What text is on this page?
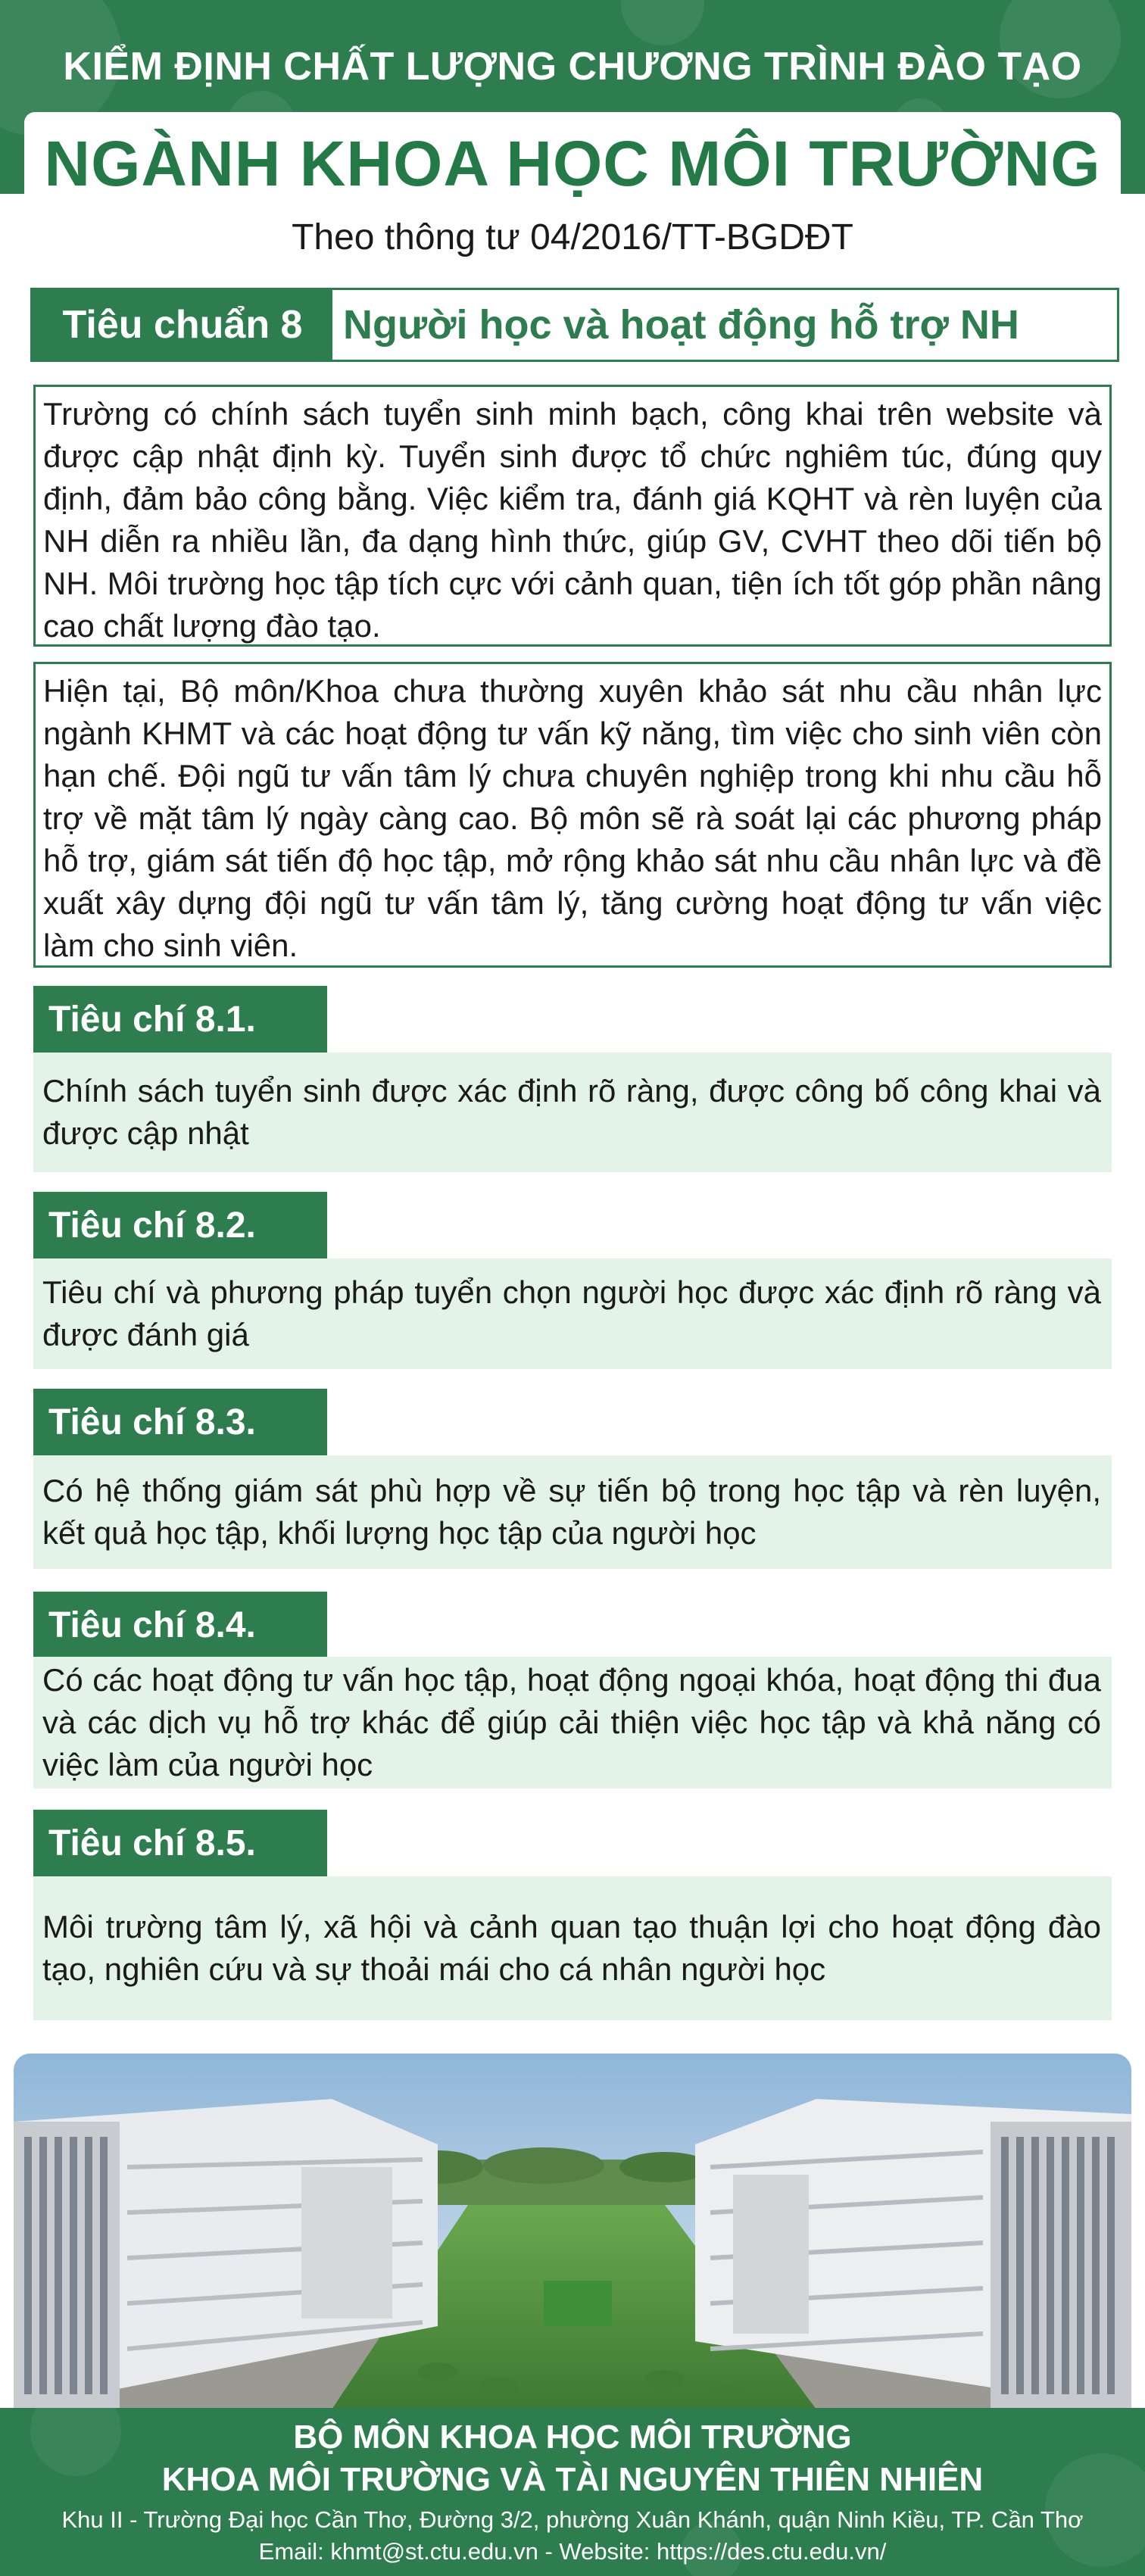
KIỂM ĐỊNH CHẤT LƯỢNG CHƯƠNG TRÌNH ĐÀO TẠO
NGÀNH KHOA HỌC MÔI TRƯỜNG
Theo thông tư 04/2016/TT-BGDĐT
Tiêu chuẩn 8 Người học và hoạt động hỗ trợ NH
Trường có chính sách tuyển sinh minh bạch, công khai trên website và được cập nhật định kỳ. Tuyển sinh được tổ chức nghiêm túc, đúng quy định, đảm bảo công bằng. Việc kiểm tra, đánh giá KQHT và rèn luyện của NH diễn ra nhiều lần, đa dạng hình thức, giúp GV, CVHT theo dõi tiến bộ NH. Môi trường học tập tích cực với cảnh quan, tiện ích tốt góp phần nâng cao chất lượng đào tạo.
Hiện tại, Bộ môn/Khoa chưa thường xuyên khảo sát nhu cầu nhân lực ngành KHMT và các hoạt động tư vấn kỹ năng, tìm việc cho sinh viên còn hạn chế. Đội ngũ tư vấn tâm lý chưa chuyên nghiệp trong khi nhu cầu hỗ trợ về mặt tâm lý ngày càng cao. Bộ môn sẽ rà soát lại các phương pháp hỗ trợ, giám sát tiến độ học tập, mở rộng khảo sát nhu cầu nhân lực và đề xuất xây dựng đội ngũ tư vấn tâm lý, tăng cường hoạt động tư vấn việc làm cho sinh viên.
Tiêu chí 8.1.
Chính sách tuyển sinh được xác định rõ ràng, được công bố công khai và được cập nhật
Tiêu chí 8.2.
Tiêu chí và phương pháp tuyển chọn người học được xác định rõ ràng và được đánh giá
Tiêu chí 8.3.
Có hệ thống giám sát phù hợp về sự tiến bộ trong học tập và rèn luyện, kết quả học tập, khối lượng học tập của người học
Tiêu chí 8.4.
Có các hoạt động tư vấn học tập, hoạt động ngoại khóa, hoạt động thi đua và các dịch vụ hỗ trợ khác để giúp cải thiện việc học tập và khả năng có việc làm của người học
Tiêu chí 8.5.
Môi trường tâm lý, xã hội và cảnh quan tạo thuận lợi cho hoạt động đào tạo, nghiên cứu và sự thoải mái cho cá nhân người học
BỘ MÔN KHOA HỌC MÔI TRƯỜNG
KHOA MÔI TRƯỜNG VÀ TÀI NGUYÊN THIÊN NHIÊN
Khu II - Trường Đại học Cần Thơ, Đường 3/2, phường Xuân Khánh, quận Ninh Kiều, TP. Cần Thơ
Email: khmt@st.ctu.edu.vn - Website: https://des.ctu.edu.vn/
